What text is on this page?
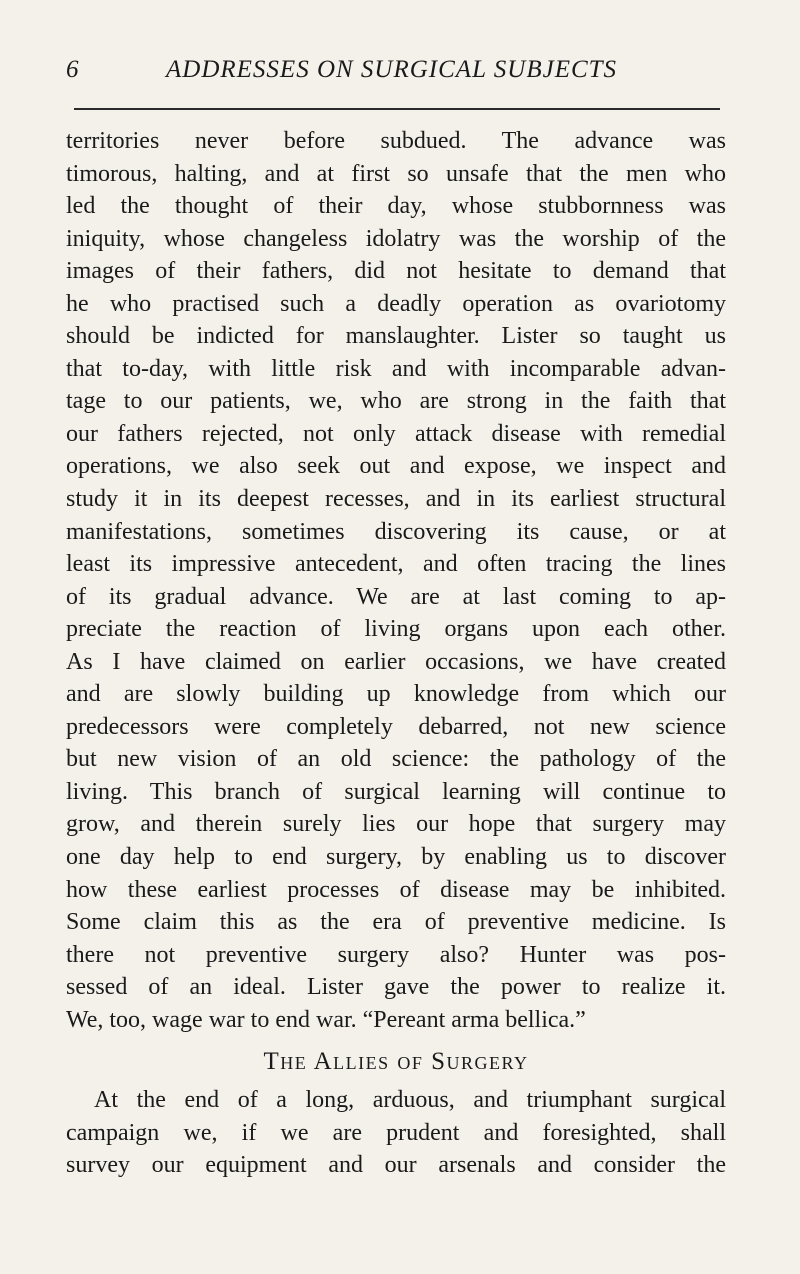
6	ADDRESSES ON SURGICAL SUBJECTS
territories never before subdued. The advance was
timorous, halting, and at first so unsafe that the men who
led the thought of their day, whose stubbornness was
iniquity, whose changeless idolatry was the worship of the
images of their fathers, did not hesitate to demand that
he who practised such a deadly operation as ovariotomy
should be indicted for manslaughter. Lister so taught us
that to-day, with little risk and with incomparable advan-
tage to our patients, we, who are strong in the faith that
our fathers rejected, not only attack disease with remedial
operations, we also seek out and expose, we inspect and
study it in its deepest recesses, and in its earliest structural
manifestations, sometimes discovering its cause, or at
least its impressive antecedent, and often tracing the lines
of its gradual advance. We are at last coming to ap-
preciate the reaction of living organs upon each other.
As I have claimed on earlier occasions, we have created
and are slowly building up knowledge from which our
predecessors were completely debarred, not new science
but new vision of an old science: the pathology of the
living. This branch of surgical learning will continue to
grow, and therein surely lies our hope that surgery may
one day help to end surgery, by enabling us to discover
how these earliest processes of disease may be inhibited.
Some claim this as the era of preventive medicine. Is
there not preventive surgery also? Hunter was pos-
sessed of an ideal. Lister gave the power to realize it.
We, too, wage war to end war. “Pereant arma bellica.”
The Allies of Surgery
At the end of a long, arduous, and triumphant surgical
campaign we, if we are prudent and foresighted, shall
survey our equipment and our arsenals and consider the
